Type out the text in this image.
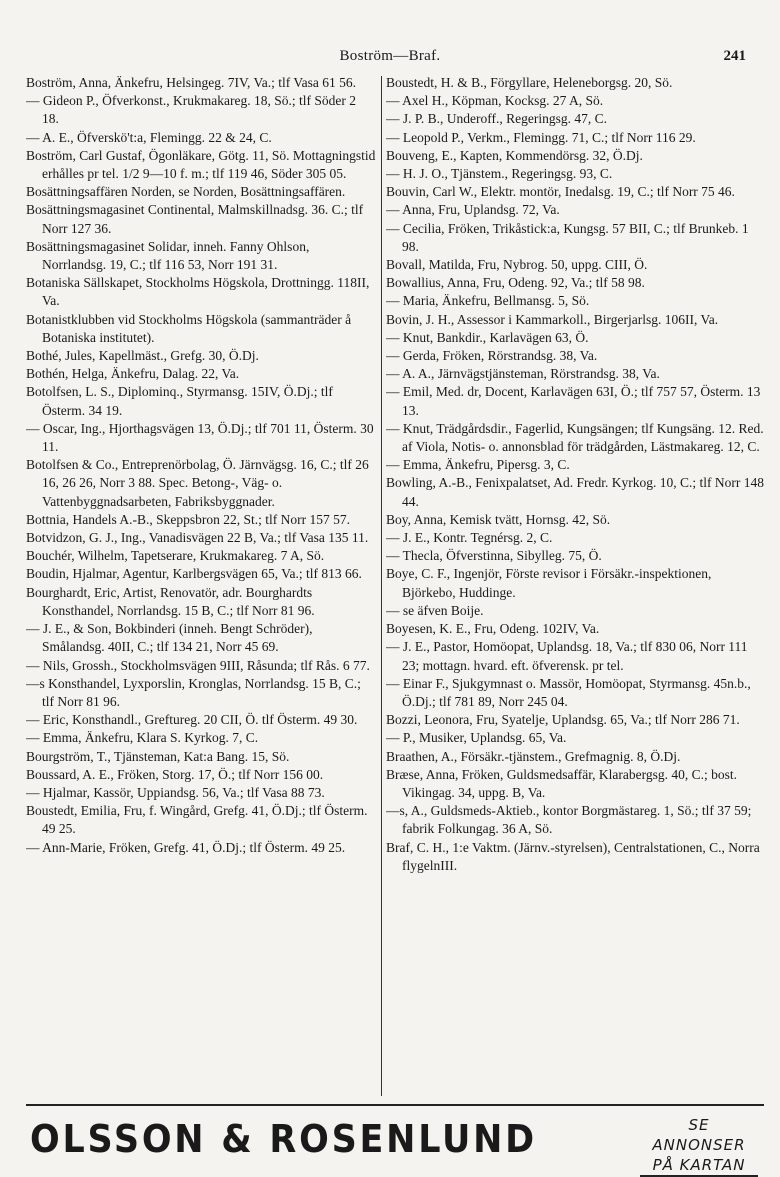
Boström—Braf.	241

Boström, Anna, Änkefru, Helsingeg. 7IV, Va.; tlf Vasa 61 56.

— Gideon P., Öfverkonst., Krukmakareg. 18, Sö.; tlf Söder 2 18.

— A. E., Öfverskö't:a, Flemingg. 22 & 24, C.

Boström, Carl Gustaf, Ögonläkare, Götg. 11, Sö. Mottagningstid erhålles pr tel. 1/2 9—10 f. m.; tlf 119 46, Söder 305 05.

Bosättningsaffären Norden, se Norden, Bosättningsaffären.

Bosättningsmagasinet Continental, Malmskillnadsg. 36. C.; tlf Norr 127 36.

Bosättningsmagasinet Solidar, inneh. Fanny Ohlson, Norrlandsg. 19, C.; tlf 116 53, Norr 191 31.

Botaniska Sällskapet, Stockholms Högskola, Drottningg. 118II, Va.

Botanistklubben vid Stockholms Högskola (sammanträder å Botaniska institutet).

Bothé, Jules, Kapellmäst., Grefg. 30, Ö.Dj.

Bothén, Helga, Änkefru, Dalag. 22, Va.

Botolfsen, L. S., Diplominq., Styrmansg. 15IV, Ö.Dj.; tlf Österm. 34 19.

— Oscar, Ing., Hjorthagsvägen 13, Ö.Dj.; tlf 701 11, Österm. 30 11.

Botolfsen & Co., Entreprenörbolag, Ö. Järnvägsg. 16, C.; tlf 26 16, 26 26, Norr 3 88. Spec. Betong-, Väg- o. Vattenbyggnadsarbeten, Fabriksbyggnader.

Bottnia, Handels A.-B., Skeppsbron 22, St.; tlf Norr 157 57.

Botvidzon, G. J., Ing., Vanadisvägen 22 B, Va.; tlf Vasa 135 11.

Bouchér, Wilhelm, Tapetserare, Krukmakareg. 7 A, Sö.

Boudin, Hjalmar, Agentur, Karlbergsvägen 65, Va.; tlf 813 66.

Bourghardt, Eric, Artist, Renovatör, adr. Bourghardts Konsthandel, Norrlandsg. 15 B, C.; tlf Norr 81 96.

— J. E., & Son, Bokbinderi (inneh. Bengt Schröder), Smålandsg. 40II, C.; tlf 134 21, Norr 45 69.

— Nils, Grossh., Stockholmsvägen 9III, Råsunda; tlf Rås. 6 77.

—s Konsthandel, Lyxporslin, Kronglas, Norrlandsg. 15 B, C.; tlf Norr 81 96.

— Eric, Konsthandl., Greftureg. 20 CII, Ö. tlf Österm. 49 30.

— Emma, Änkefru, Klara S. Kyrkog. 7, C.

Bourgström, T., Tjänsteman, Kat:a Bang. 15, Sö.

Boussard, A. E., Fröken, Storg. 17, Ö.; tlf Norr 156 00.

— Hjalmar, Kassör, Uppiandsg. 56, Va.; tlf Vasa 88 73.

Boustedt, Emilia, Fru, f. Wingård, Grefg. 41, Ö.Dj.; tlf Österm. 49 25.

— Ann-Marie, Fröken, Grefg. 41, Ö.Dj.; tlf Österm. 49 25.

Boustedt, H. & B., Förgyllare, Heleneborgsg. 20, Sö.

— Axel H., Köpman, Kocksg. 27 A, Sö.

— J. P. B., Underoff., Regeringsg. 47, C.

— Leopold P., Verkm., Flemingg. 71, C.; tlf Norr 116 29.

Bouveng, E., Kapten, Kommendörsg. 32, Ö.Dj.

— H. J. O., Tjänstem., Regeringsg. 93, C.

Bouvin, Carl W., Elektr. montör, Inedalsg. 19, C.; tlf Norr 75 46.

— Anna, Fru, Uplandsg. 72, Va.

— Cecilia, Fröken, Trikåstick:a, Kungsg. 57 BII, C.; tlf Brunkeb. 1 98.

Bovall, Matilda, Fru, Nybrog. 50, uppg. CIII, Ö.

Bowallius, Anna, Fru, Odeng. 92, Va.; tlf 58 98.

— Maria, Änkefru, Bellmansg. 5, Sö.

Bovin, J. H., Assessor i Kammarkoll., Birgerjarlsg. 106II, Va.

— Knut, Bankdir., Karlavägen 63, Ö.

— Gerda, Fröken, Rörstrandsg. 38, Va.

— A. A., Järnvägstjänsteman, Rörstrandsg. 38, Va.

— Emil, Med. dr, Docent, Karlavägen 63I, Ö.; tlf 757 57, Österm. 13 13.

— Knut, Trädgårdsdir., Fagerlid, Kungsängen; tlf Kungsäng. 12. Red. af Viola, Notis- o. annonsblad för trädgården, Lästmakareg. 12, C.

— Emma, Änkefru, Pipersg. 3, C.

Bowling, A.-B., Fenixpalatset, Ad. Fredr. Kyrkog. 10, C.; tlf Norr 148 44.

Boy, Anna, Kemisk tvätt, Hornsg. 42, Sö.

— J. E., Kontr. Tegnérsg. 2, C.

— Thecla, Öfverstinna, Sibylleg. 75, Ö.

Boye, C. F., Ingenjör, Förste revisor i Försäkr.-inspektionen, Björkebo, Huddinge.

— se äfven Boije.

Boyesen, K. E., Fru, Odeng. 102IV, Va.

— J. E., Pastor, Homöopat, Uplandsg. 18, Va.; tlf 830 06, Norr 111 23; mottagn. hvard. eft. öfverensk. pr tel.

— Einar F., Sjukgymnast o. Massör, Homöopat, Styrmansg. 45n.b., Ö.Dj.; tlf 781 89, Norr 245 04.

Bozzi, Leonora, Fru, Syatelje, Uplandsg. 65, Va.; tlf Norr 286 71.

— P., Musiker, Uplandsg. 65, Va.

Braathen, A., Försäkr.-tjänstem., Grefmagnig. 8, Ö.Dj.

Bræse, Anna, Fröken, Guldsmedsaffär, Klarabergsg. 40, C.; bost. Vikingag. 34, uppg. B, Va.

—s, A., Guldsmeds-Aktieb., kontor Borgmästareg. 1, Sö.; tlf 37 59; fabrik Folkungag. 36 A, Sö.

Braf, C. H., 1:e Vaktm. (Järnv.-styrelsen), Centralstationen, C., Norra flygelnIII.

OLSSON & ROSENLUND	SE ANNONSER
PÅ KARTAN
